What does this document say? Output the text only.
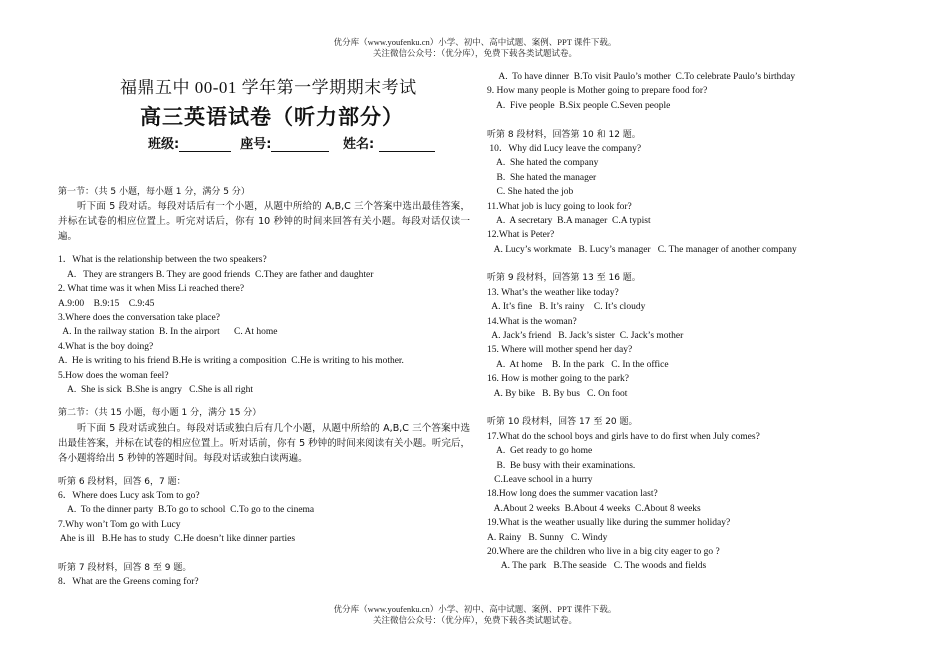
优分库（www.youfenku.cn）小学、初中、高中试题、案例、PPT 课件下载。
关注微信公众号：（优分库），免费下载各类试题试卷。
福鼎五中 00-01 学年第一学期期末考试
高三英语试卷（听力部分）
班级:	座号:	姓名:
第一节：（共 5 小题，每小题 1 分，满分 5 分）

听下面 5 段对话。每段对话后有一个小题，从题中所给的 A,B,C 三个答案中选出最佳答案，并标在试卷的相应位置上。听完对话后，你有 10 秒钟的时间来回答有关小题。每段对话仅读一遍。

1．What is the relationship between the two speakers?
A.   They are strangers B. They are good friends  C.They are father and daughter
2. What time was it when Miss Li reached there?
A.9:00    B.9:15    C.9:45
3.Where does the conversation take place?
A. In the railway station  B. In the airport      C. At home
4.What is the boy doing?
A.  He is writing to his friend B.He is writing a composition  C.He is writing to his mother.
5.How does the woman feel?
A.  She is sick  B.She is angry   C.She is all right
第二节：（共 15 小题，每小题 1 分，满分 15 分）

听下面 5 段对话或独白。每段对话或独白后有几个小题，从题中所给的 A,B,C 三个答案中选出最佳答案，并标在试卷的相应位置上。听对话前，你有 5 秒钟的时间来阅读有关小题。听完后，各小题将给出 5 秒钟的答题时间。每段对话或独白读两遍。

听第 6 段材料，回答 6，7 题：
6．Where does Lucy ask Tom to go?
A.  To the dinner party  B.To go to school  C.To go to the cinema
7.Why won’t Tom go with Lucy
Ahe is ill   B.He has to study  C.He doesn’t like dinner parties
听第 7 段材料，回答 8 至 9 题。
8．What are the Greens coming for?
A.  To have dinner  B.To visit Paulo’s mother  C.To celebrate Paulo’s birthday
9. How many people is Mother going to prepare food for?
A.  Five people  B.Six people C.Seven people
听第 8 段材料，回答第 10 和 12 题。
10．Why did Lucy leave the company?
A.  She hated the company
B.  She hated the manager
C. She hated the job
11.What job is lucy going to look for?
A.  A secretary  B.A manager  C.A typist
12.What is Peter?
A. Lucy’s workmate   B. Lucy’s manager   C. The manager of another company
听第 9 段材料，回答第 13 至 16 题。
13. What’s the weather like today?
A. It’s fine   B. It’s rainy    C. It’s cloudy
14.What is the woman?
A. Jack’s friend   B. Jack’s sister  C. Jack’s mother
15. Where will mother spend her day?
A.  At home    B. In the park   C. In the office
16. How is mother going to the park?
A. By bike   B. By bus   C. On foot
听第 10 段材料，回答 17 至 20 题。
17.What do the school boys and girls have to do first when July comes?
A.  Get ready to go home
B.  Be busy with their examinations.
C.Leave school in a hurry
18.How long does the summer vacation last?
A.About 2 weeks  B.About 4 weeks  C.About 8 weeks
19.What is the weather usually like during the summer holiday?
A. Rainy   B. Sunny   C. Windy
20.Where are the children who live in a big city eager to go ?
A. The park   B.The seaside   C. The woods and fields
优分库（www.youfenku.cn）小学、初中、高中试题、案例、PPT 课件下载。
关注微信公众号：（优分库），免费下载各类试题试卷。
